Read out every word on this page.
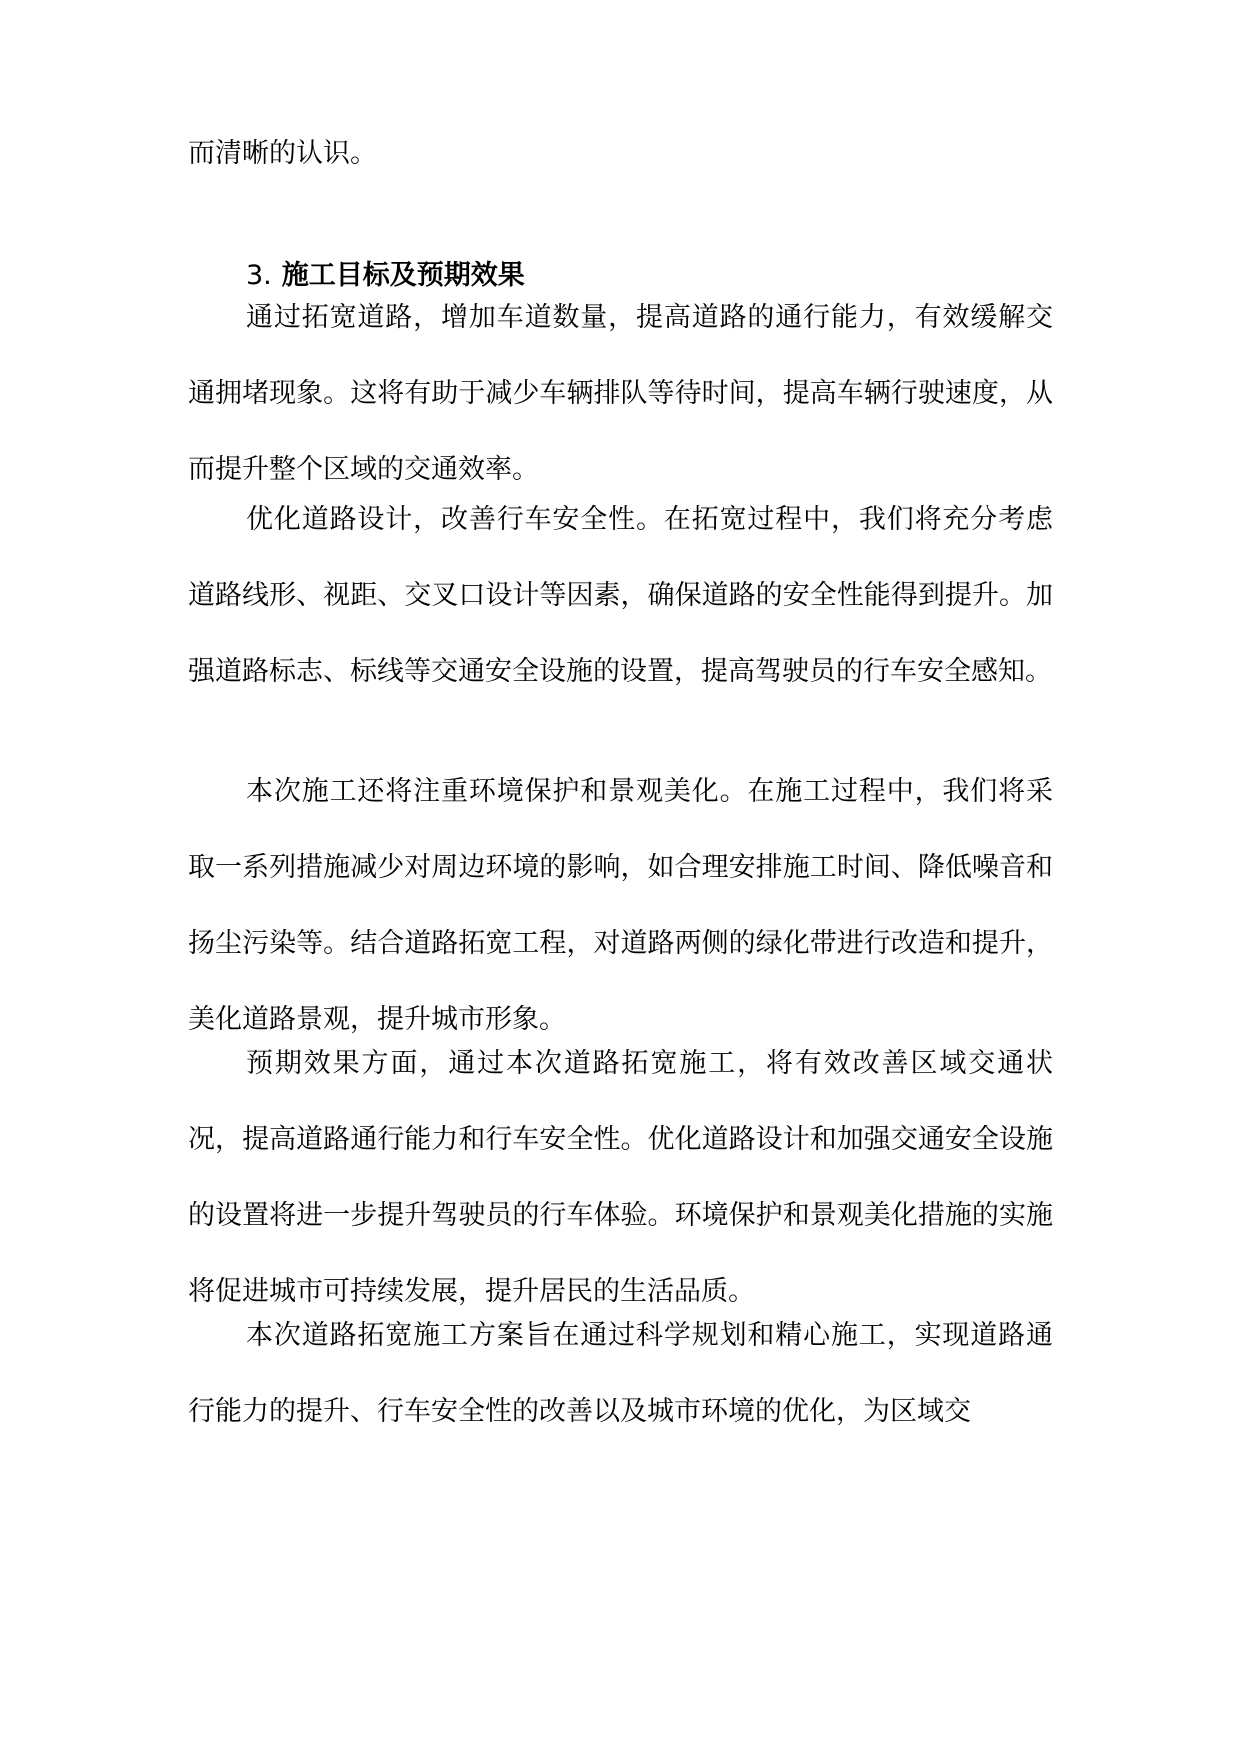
而清晰的认识。

3. 施工目标及预期效果

通过拓宽道路，增加车道数量，提高道路的通行能力，有效缓解交通拥堵现象。这将有助于减少车辆排队等待时间，提高车辆行驶速度，从而提升整个区域的交通效率。

优化道路设计，改善行车安全性。在拓宽过程中，我们将充分考虑道路线形、视距、交叉口设计等因素，确保道路的安全性能得到提升。加强道路标志、标线等交通安全设施的设置，提高驾驶员的行车安全感知。

本次施工还将注重环境保护和景观美化。在施工过程中，我们将采取一系列措施减少对周边环境的影响，如合理安排施工时间、降低噪音和扬尘污染等。结合道路拓宽工程，对道路两侧的绿化带进行改造和提升，美化道路景观，提升城市形象。

预期效果方面，通过本次道路拓宽施工，将有效改善区域交通状况，提高道路通行能力和行车安全性。优化道路设计和加强交通安全设施的设置将进一步提升驾驶员的行车体验。环境保护和景观美化措施的实施将促进城市可持续发展，提升居民的生活品质。

本次道路拓宽施工方案旨在通过科学规划和精心施工，实现道路通行能力的提升、行车安全性的改善以及城市环境的优化，为区域交
